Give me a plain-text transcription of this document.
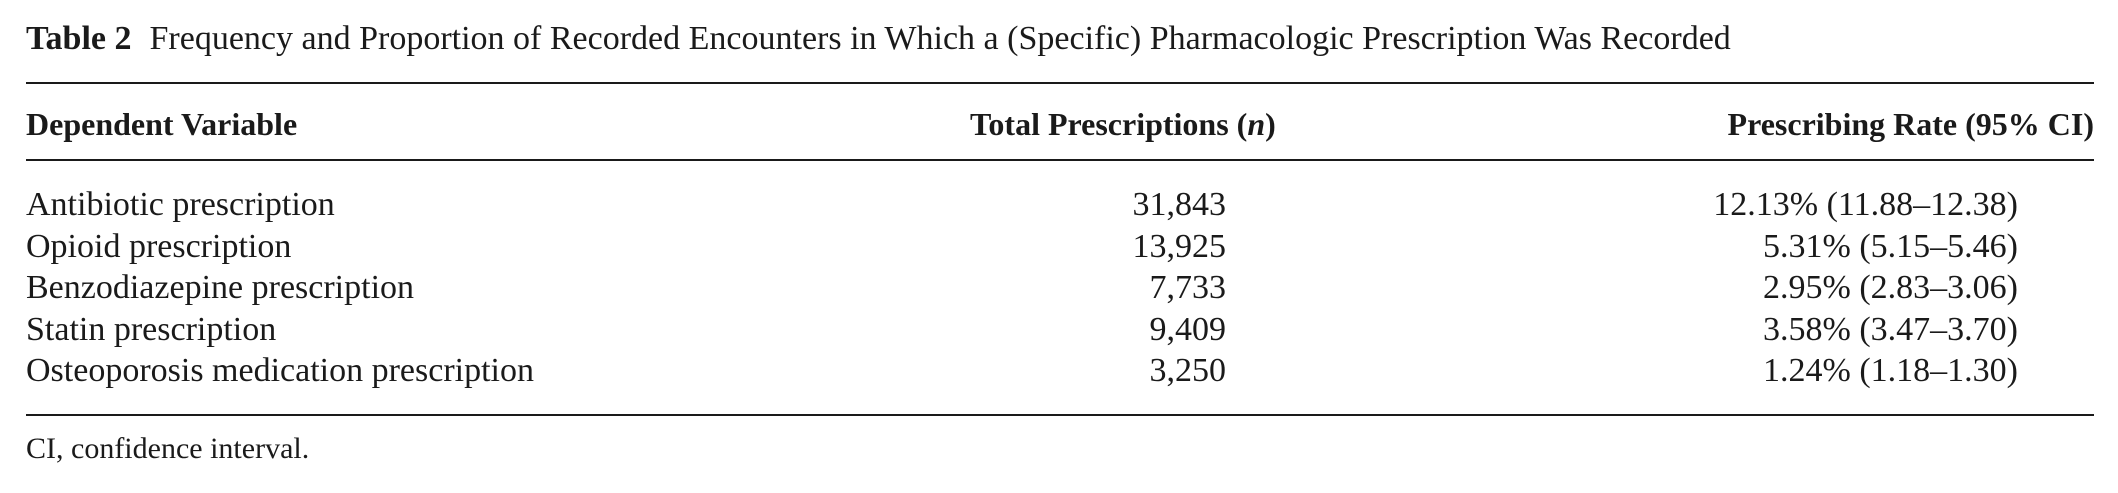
Table 2 Frequency and Proportion of Recorded Encounters in Which a (Specific) Pharmacologic Prescription Was Recorded
Dependent Variable	Total Prescriptions (n)	Prescribing Rate (95% CI)
Antibiotic prescription	31,843	12.13% (11.88–12.38)
Opioid prescription	13,925	5.31% (5.15–5.46)
Benzodiazepine prescription	7,733	2.95% (2.83–3.06)
Statin prescription	9,409	3.58% (3.47–3.70)
Osteoporosis medication prescription	3,250	1.24% (1.18–1.30)
CI, confidence interval.
